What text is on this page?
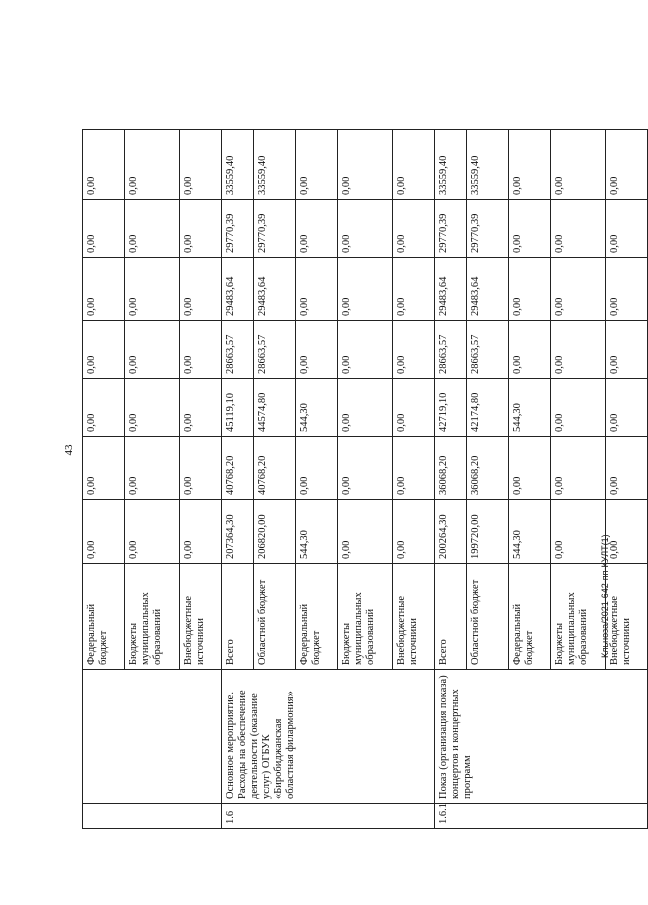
43
Кльноза/2021-642-пп-КУЛТ(1)
		Федеральный бюджет	0,00	0,00	0,00	0,00	0,00	0,00	0,00
		Бюджеты муниципальных образований	0,00	0,00	0,00	0,00	0,00	0,00	0,00
		Внебюджетные источники	0,00	0,00	0,00	0,00	0,00	0,00	0,00
1.6	Основное мероприятие. Расходы на обеспечение деятельности (оказание услуг) ОГБУК «Биробиджанская областная филармония»	Всего	207364,30	40768,20	45119,10	28663,57	29483,64	29770,39	33559,40
		Областной бюджет	206820,00	40768,20	44574,80	28663,57	29483,64	29770,39	33559,40
		Федеральный бюджет	544,30	0,00	544,30	0,00	0,00	0,00	0,00
		Бюджеты муниципальных образований	0,00	0,00	0,00	0,00	0,00	0,00	0,00
		Внебюджетные источники	0,00	0,00	0,00	0,00	0,00	0,00	0,00
1.6.1	Показ (организация показа) концертов и концертных программ	Всего	200264,30	36068,20	42719,10	28663,57	29483,64	29770,39	33559,40
		Областной бюджет	199720,00	36068,20	42174,80	28663,57	29483,64	29770,39	33559,40
		Федеральный бюджет	544,30	0,00	544,30	0,00	0,00	0,00	0,00
		Бюджеты муниципальных образований	0,00	0,00	0,00	0,00	0,00	0,00	0,00
		Внебюджетные источники	0,00	0,00	0,00	0,00	0,00	0,00	0,00
